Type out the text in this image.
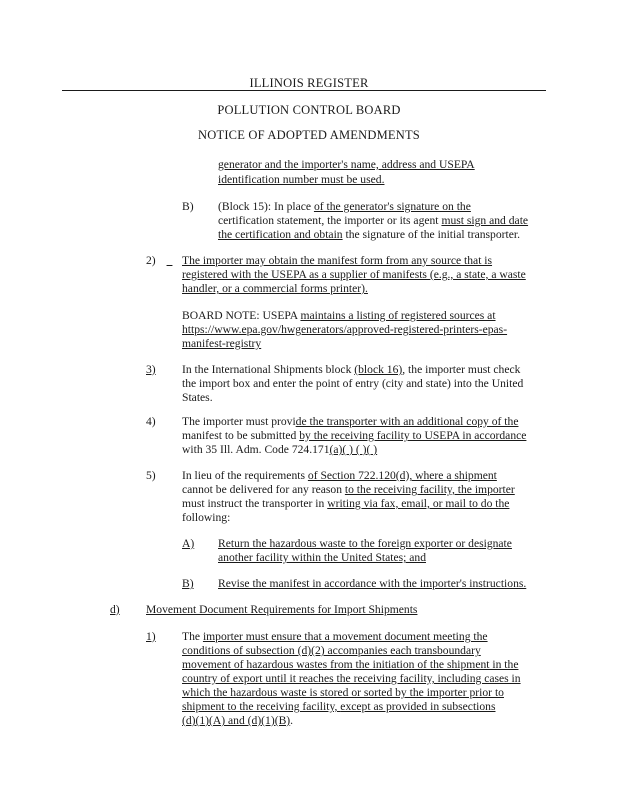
ILLINOIS REGISTER
POLLUTION CONTROL BOARD
NOTICE OF ADOPTED AMENDMENTS
generator and the importer's name, address and USEPA
identification number must be used.
B) (Block 15): In place of the generator's signature on the
certification statement, the importer or its agent must sign and date
the certification and obtain the signature of the initial transporter.
2) _ The importer may obtain the manifest form from any source that is
registered with the USEPA as a supplier of manifests (e.g., a state, a waste
handler, or a commercial forms printer).
BOARD NOTE: USEPA maintains a listing of registered sources at
https://www.epa.gov/hwgenerators/approved-registered-printers-epas-
manifest-registry
3) In the International Shipments block (block 16), the importer must check
the import box and enter the point of entry (city and state) into the United
States.
4) The importer must provide the transporter with an additional copy of the
manifest to be submitted by the receiving facility to USEPA in accordance
with 35 Ill. Adm. Code 724.171(a)( ) ( )( )
5) In lieu of the requirements of Section 722.120(d), where a shipment
cannot be delivered for any reason to the receiving facility, the importer
must instruct the transporter in writing via fax, email, or mail to do the
following:
A) Return the hazardous waste to the foreign exporter or designate
another facility within the United States; and
B) Revise the manifest in accordance with the importer's instructions.
d) Movement Document Requirements for Import Shipments
1) The importer must ensure that a movement document meeting the
conditions of subsection (d)(2) accompanies each transboundary
movement of hazardous wastes from the initiation of the shipment in the
country of export until it reaches the receiving facility, including cases in
which the hazardous waste is stored or sorted by the importer prior to
shipment to the receiving facility, except as provided in subsections
(d)(1)(A) and (d)(1)(B).
